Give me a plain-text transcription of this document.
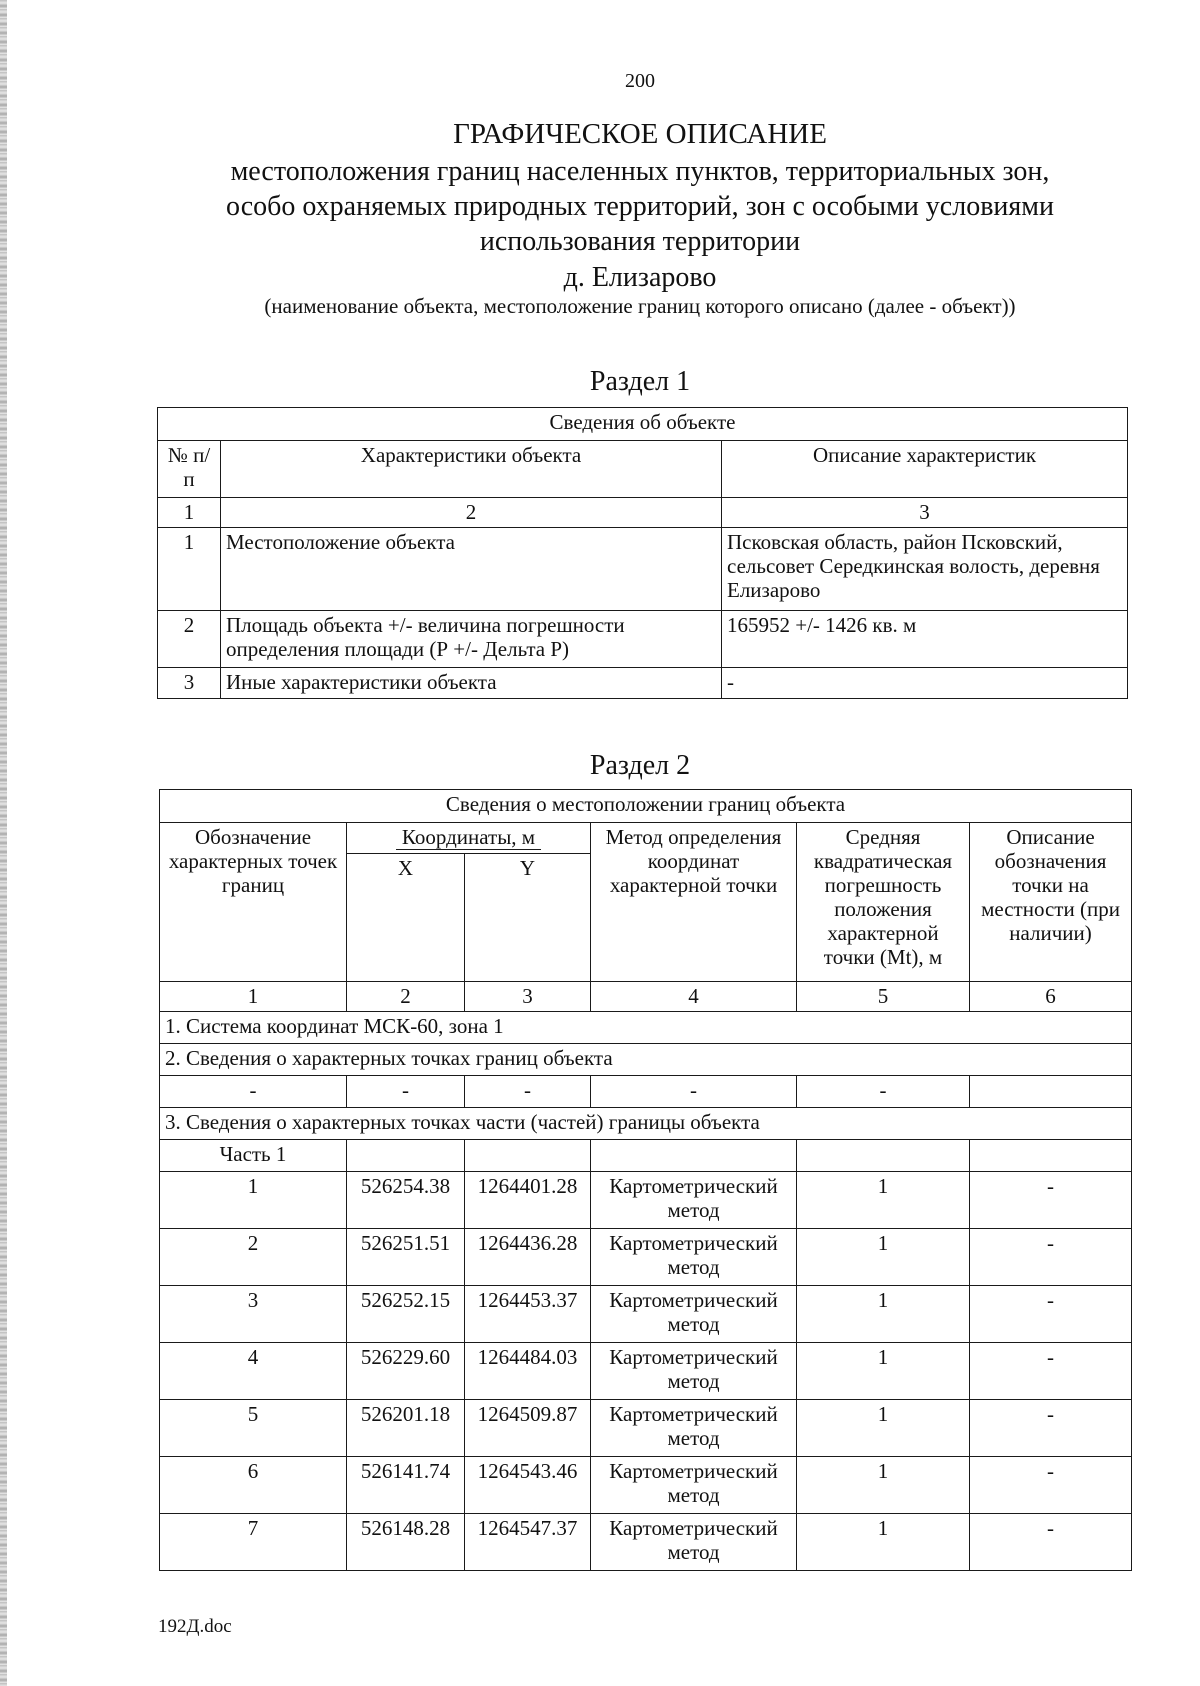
200
ГРАФИЧЕСКОЕ ОПИСАНИЕ
местоположения границ населенных пунктов, территориальных зон,
особо охраняемых природных территорий, зон с особыми условиями
использования территории
д. Елизарово
(наименование объекта, местоположение границ которого описано (далее - объект))
Раздел 1
Сведения об объекте		
№ п/п	Характеристики объекта	Описание характеристик
1	2	3
1	Местоположение объекта	Псковская область, район Псковский, сельсовет Середкинская волость, деревня Елизарово
2	Площадь объекта +/- величина погрешности определения площади (Р +/- Дельта Р)	165952 +/- 1426 кв. м
3	Иные характеристики объекта	-
Раздел 2
Сведения о местоположении границ объекта					
Обозначение характерных точек границ	Координаты, м		Метод определения координат характерной точки	Средняя квадратическая погрешность положения характерной точки (Mt), м	Описание обозначения точки на местности (при наличии)
	X	Y			
1	2	3	4	5	6
1. Система координат МСК-60, зона 1					
2. Сведения о характерных точках границ объекта					
-	-	-	-	-	
3. Сведения о характерных точках части (частей) границы объекта					
Часть 1					
1	526254.38	1264401.28	Картометрический метод	1	-
2	526251.51	1264436.28	Картометрический метод	1	-
3	526252.15	1264453.37	Картометрический метод	1	-
4	526229.60	1264484.03	Картометрический метод	1	-
5	526201.18	1264509.87	Картометрический метод	1	-
6	526141.74	1264543.46	Картометрический метод	1	-
7	526148.28	1264547.37	Картометрический метод	1	-
192Д.doc
